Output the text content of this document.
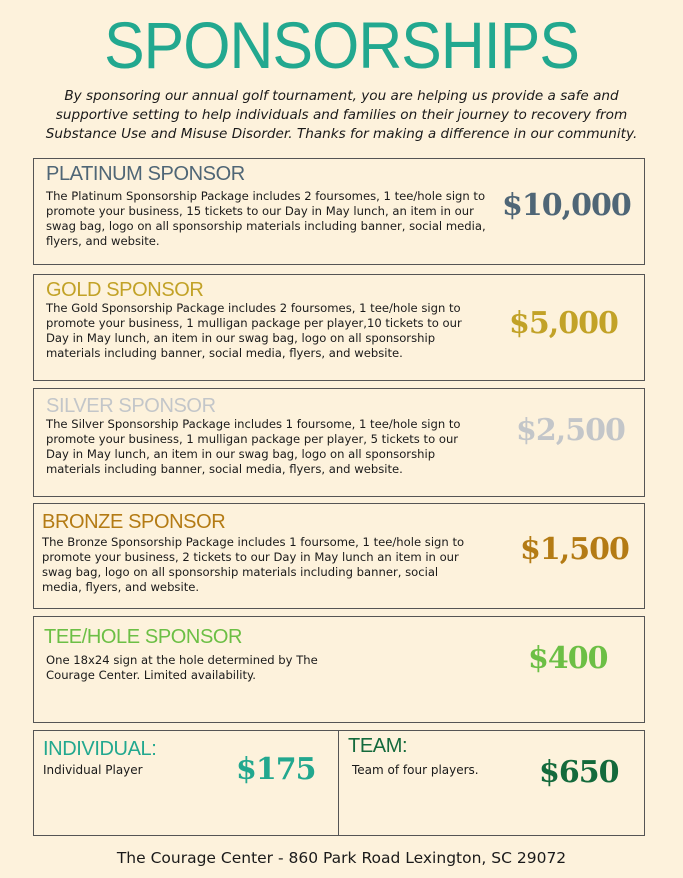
SPONSORSHIPS
By sponsoring our annual golf tournament, you are helping us provide a safe and supportive setting to help individuals and families on their journey to recovery from Substance Use and Misuse Disorder. Thanks for making a difference in our community.
PLATINUM SPONSOR
The Platinum Sponsorship Package includes 2 foursomes, 1 tee/hole sign to promote your business, 15 tickets to our Day in May lunch, an item in our swag bag, logo on all sponsorship materials including banner, social media, flyers, and website.
$10,000
GOLD SPONSOR
The Gold Sponsorship Package includes 2 foursomes, 1 tee/hole sign to promote your business, 1 mulligan package per player,10 tickets to our Day in May lunch, an item in our swag bag, logo on all sponsorship materials including banner, social media, flyers, and website.
$5,000
SILVER SPONSOR
The Silver Sponsorship Package includes 1 foursome, 1 tee/hole sign to promote your business, 1 mulligan package per player, 5 tickets to our Day in May lunch, an item in our swag bag, logo on all sponsorship materials including banner, social media, flyers, and website.
$2,500
BRONZE SPONSOR
The Bronze Sponsorship Package includes 1 foursome, 1 tee/hole sign to promote your business, 2 tickets to our Day in May lunch an item in our swag bag, logo on all sponsorship materials including banner, social media, flyers, and website.
$1,500
TEE/HOLE SPONSOR
One 18x24 sign at the hole determined by The Courage Center. Limited availability.	$400
INDIVIDUAL:
Individual Player	$175
TEAM:
Team of four players.	$650
The Courage Center - 860 Park Road Lexington, SC 29072
